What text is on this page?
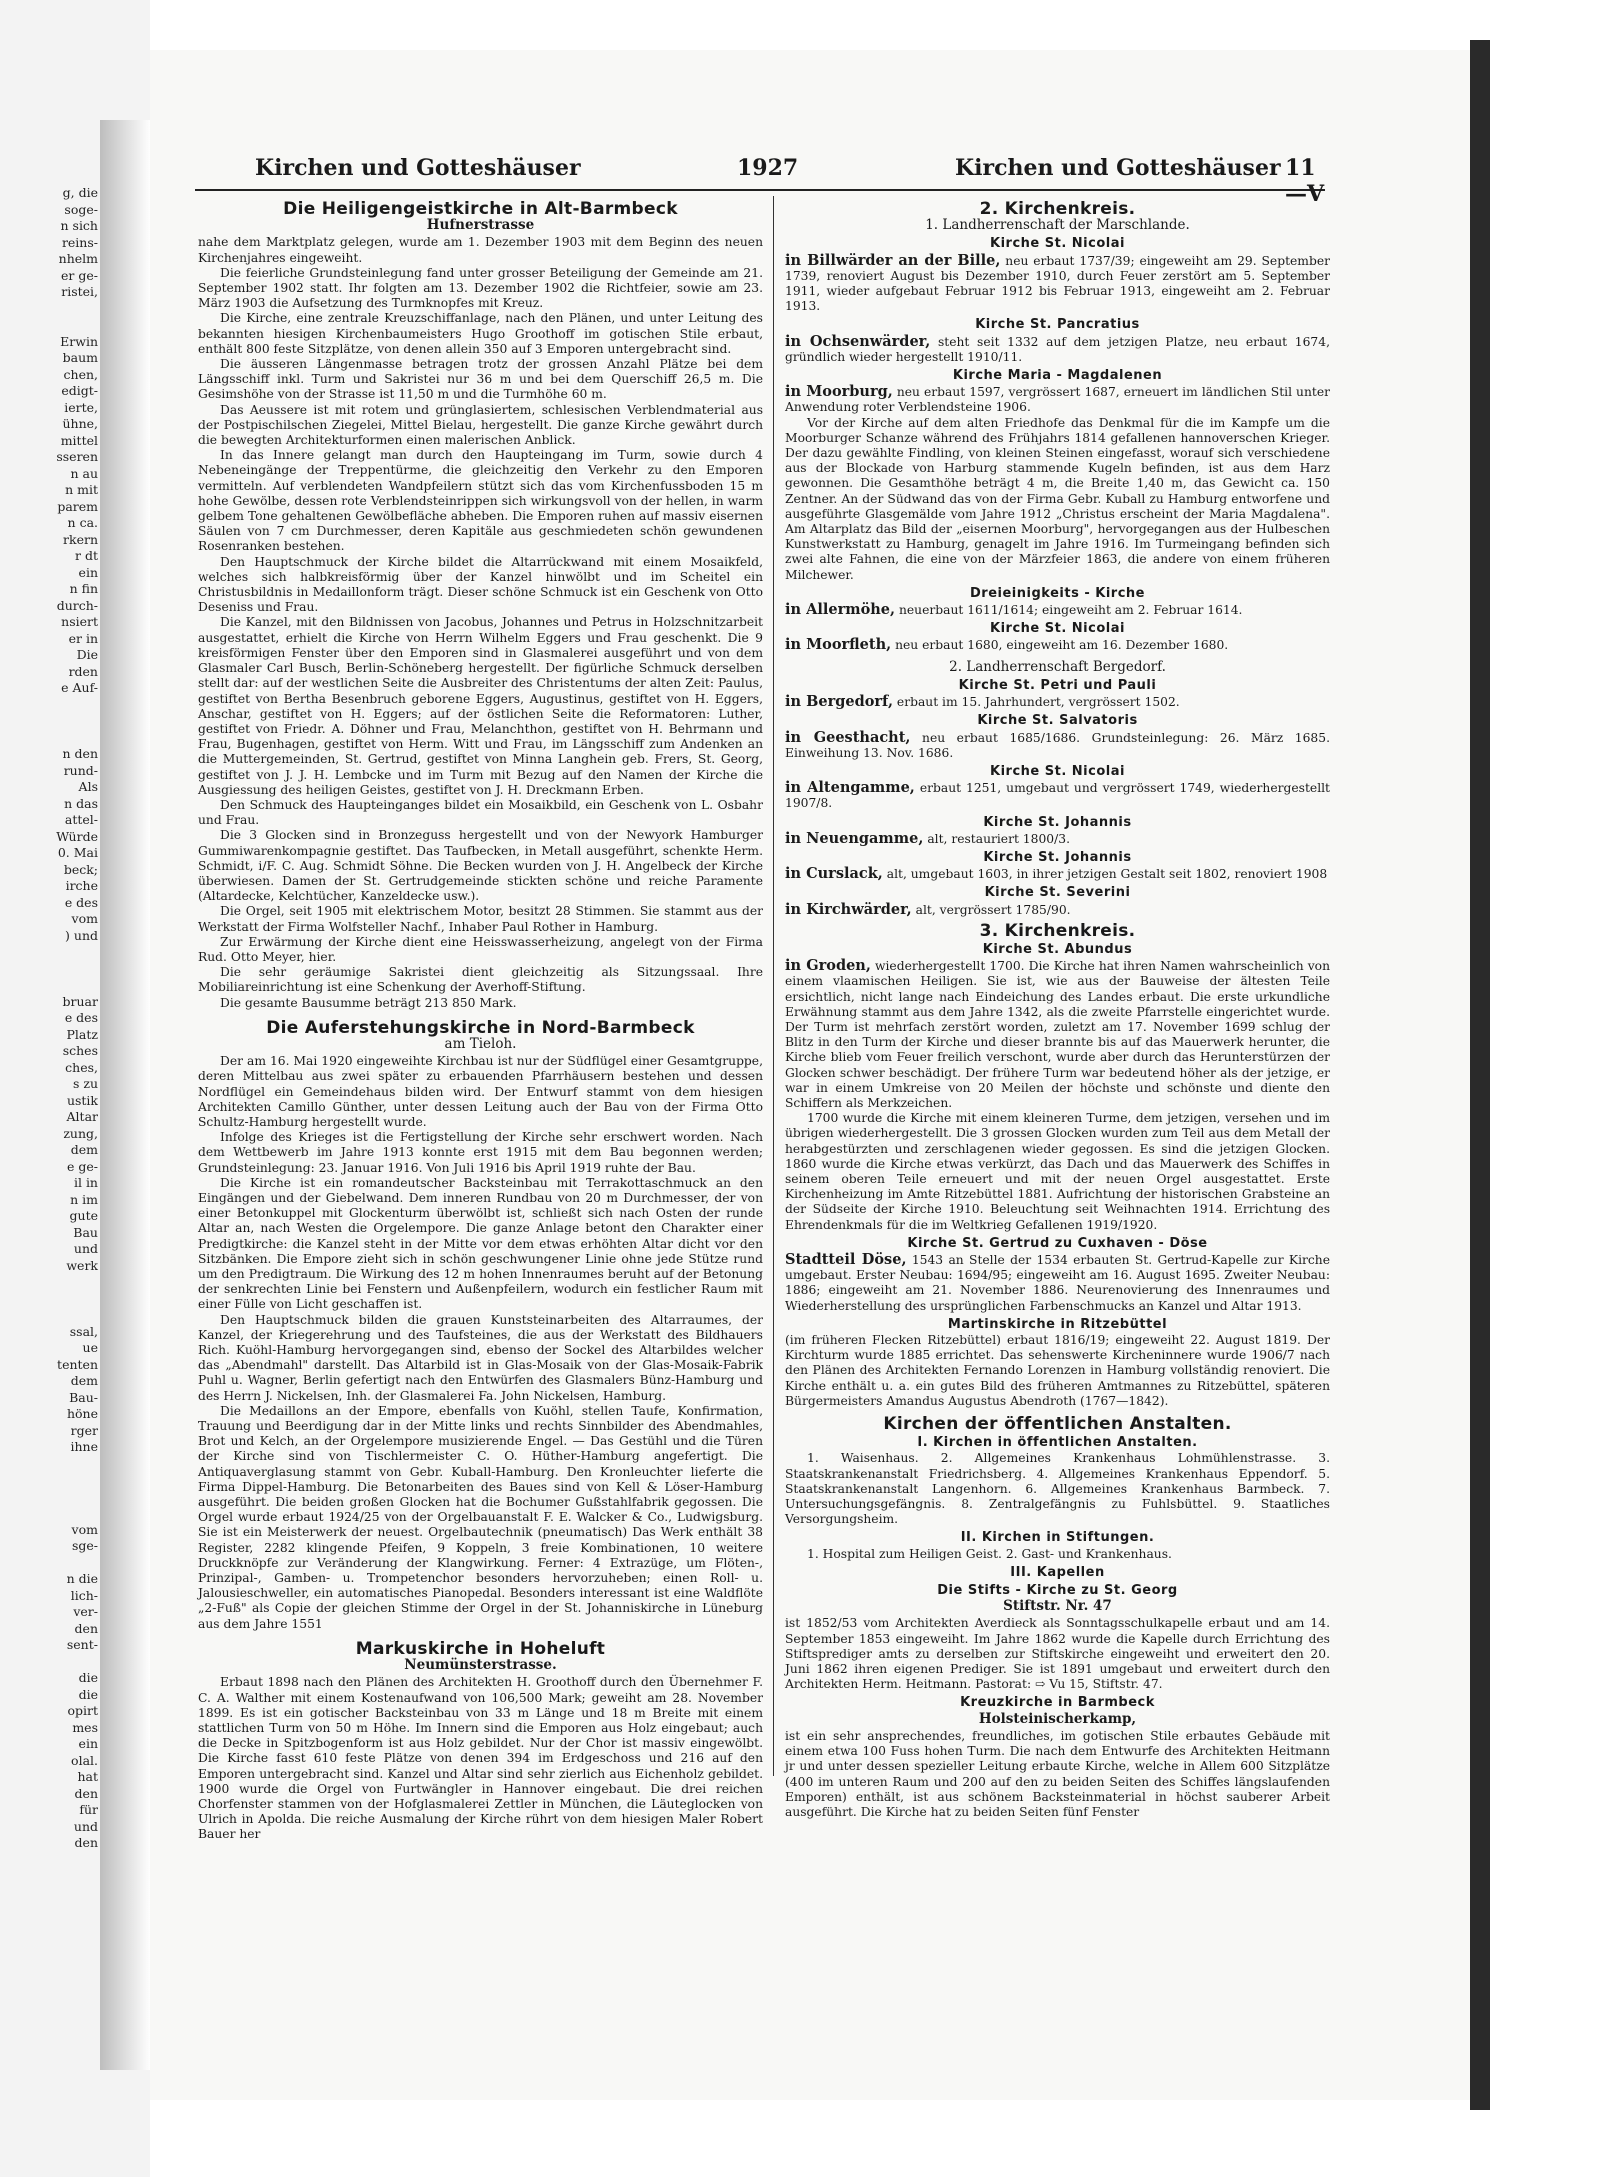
g, die
soge-
n sich
reins-
nhelm
er ge-
ristei,

Erwin
baum
chen,
edigt-
ierte,
ühne,
mittel
sseren
n au
n mit
parem
n ca.
rkern
r dt
ein
n fin
durch-
nsiert
er in
Die
rden
e Auf-

n den
rund-
Als
n das
attel-
Würde
0. Mai
beck;
irche
e des
vom
) und

bruar
e des
Platz
sches
ches,
s zu
ustik
Altar
zung,
dem
e ge-
il in
n im
gute
Bau
und
werk

ssal,
ue
tenten
dem
Bau-
höne
rger
ihne

vom
sge-

n die
lich-
ver-
den
sent-

die
die
opirt
mes
ein
olal.
hat
den
für
und
den
Kirchen und Gotteshäuser	1927	Kirchen und Gotteshäuser 11—V
Die Heiligengeistkirche in Alt-Barmbeck
Hufnerstrasse

nahe dem Marktplatz gelegen, wurde am 1. Dezember 1903 mit dem Beginn des neuen Kirchenjahres eingeweiht.

Die feierliche Grundsteinlegung fand unter grosser Beteiligung der Gemeinde am 21. September 1902 statt. Ihr folgten am 13. Dezember 1902 die Richtfeier, sowie am 23. März 1903 die Aufsetzung des Turmknopfes mit Kreuz.

Die Kirche, eine zentrale Kreuzschiffanlage, nach den Plänen, und unter Leitung des bekannten hiesigen Kirchenbaumeisters Hugo Groothoff im gotischen Stile erbaut, enthält 800 feste Sitzplätze, von denen allein 350 auf 3 Emporen untergebracht sind.

Die äusseren Längenmasse betragen trotz der grossen Anzahl Plätze bei dem Längsschiff inkl. Turm und Sakristei nur 36 m und bei dem Querschiff 26,5 m. Die Gesimshöhe von der Strasse ist 11,50 m und die Turmhöhe 60 m.

Das Aeussere ist mit rotem und grünglasiertem, schlesischen Verblendmaterial aus der Postpischilschen Ziegelei, Mittel Bielau, hergestellt. Die ganze Kirche gewährt durch die bewegten Architekturformen einen malerischen Anblick.

In das Innere gelangt man durch den Haupteingang im Turm, sowie durch 4 Nebeneingänge der Treppentürme, die gleichzeitig den Verkehr zu den Emporen vermitteln. Auf verblendeten Wandpfeilern stützt sich das vom Kirchenfussboden 15 m hohe Gewölbe, dessen rote Verblendsteinrippen sich wirkungsvoll von der hellen, in warm gelbem Tone gehaltenen Gewölbefläche abheben. Die Emporen ruhen auf massiv eisernen Säulen von 7 cm Durchmesser, deren Kapitäle aus geschmiedeten schön gewundenen Rosenranken bestehen.

Den Hauptschmuck der Kirche bildet die Altarrückwand mit einem Mosaikfeld, welches sich halbkreisförmig über der Kanzel hinwölbt und im Scheitel ein Christusbildnis in Medaillonform trägt. Dieser schöne Schmuck ist ein Geschenk von Otto Deseniss und Frau.

Die Kanzel, mit den Bildnissen von Jacobus, Johannes und Petrus in Holzschnitzarbeit ausgestattet, erhielt die Kirche von Herrn Wilhelm Eggers und Frau geschenkt. Die 9 kreisförmigen Fenster über den Emporen sind in Glasmalerei ausgeführt und von dem Glasmaler Carl Busch, Berlin-Schöneberg hergestellt. Der figürliche Schmuck derselben stellt dar: auf der westlichen Seite die Ausbreiter des Christentums der alten Zeit: Paulus, gestiftet von Bertha Besenbruch geborene Eggers, Augustinus, gestiftet von H. Eggers, Anschar, gestiftet von H. Eggers; auf der östlichen Seite die Reformatoren: Luther, gestiftet von Friedr. A. Döhner und Frau, Melanchthon, gestiftet von H. Behrmann und Frau, Bugenhagen, gestiftet von Herm. Witt und Frau, im Längsschiff zum Andenken an die Muttergemeinden, St. Gertrud, gestiftet von Minna Langhein geb. Frers, St. Georg, gestiftet von J. J. H. Lembcke und im Turm mit Bezug auf den Namen der Kirche die Ausgiessung des heiligen Geistes, gestiftet von J. H. Dreckmann Erben.

Den Schmuck des Haupteinganges bildet ein Mosaikbild, ein Geschenk von L. Osbahr und Frau.

Die 3 Glocken sind in Bronzeguss hergestellt und von der Newyork Hamburger Gummiwarenkompagnie gestiftet. Das Taufbecken, in Metall ausgeführt, schenkte Herm. Schmidt, i/F. C. Aug. Schmidt Söhne. Die Becken wurden von J. H. Angelbeck der Kirche überwiesen. Damen der St. Gertrudgemeinde stickten schöne und reiche Paramente (Altardecke, Kelchtücher, Kanzeldecke usw.).

Die Orgel, seit 1905 mit elektrischem Motor, besitzt 28 Stimmen. Sie stammt aus der Werkstatt der Firma Wolfsteller Nachf., Inhaber Paul Rother in Hamburg.

Zur Erwärmung der Kirche dient eine Heisswasserheizung, angelegt von der Firma Rud. Otto Meyer, hier.

Die sehr geräumige Sakristei dient gleichzeitig als Sitzungssaal. Ihre Mobiliareinrichtung ist eine Schenkung der Averhoff-Stiftung.

Die gesamte Bausumme beträgt 213 850 Mark.

Die Auferstehungskirche in Nord-Barmbeck
am Tieloh.

Der am 16. Mai 1920 eingeweihte Kirchbau ist nur der Südflügel einer Gesamtgruppe, deren Mittelbau aus zwei später zu erbauenden Pfarrhäusern bestehen und dessen Nordflügel ein Gemeindehaus bilden wird. Der Entwurf stammt von dem hiesigen Architekten Camillo Günther, unter dessen Leitung auch der Bau von der Firma Otto Schultz-Hamburg hergestellt wurde.

Infolge des Krieges ist die Fertigstellung der Kirche sehr erschwert worden. Nach dem Wettbewerb im Jahre 1913 konnte erst 1915 mit dem Bau begonnen werden; Grundsteinlegung: 23. Januar 1916. Von Juli 1916 bis April 1919 ruhte der Bau.

Die Kirche ist ein romandeutscher Backsteinbau mit Terrakottaschmuck an den Eingängen und der Giebelwand. Dem inneren Rundbau von 20 m Durchmesser, der von einer Betonkuppel mit Glockenturm überwölbt ist, schließt sich nach Osten der runde Altar an, nach Westen die Orgelempore. Die ganze Anlage betont den Charakter einer Predigtkirche: die Kanzel steht in der Mitte vor dem etwas erhöhten Altar dicht vor den Sitzbänken. Die Empore zieht sich in schön geschwungener Linie ohne jede Stütze rund um den Predigtraum. Die Wirkung des 12 m hohen Innenraumes beruht auf der Betonung der senkrechten Linie bei Fenstern und Außenpfeilern, wodurch ein festlicher Raum mit einer Fülle von Licht geschaffen ist.

Den Hauptschmuck bilden die grauen Kunststeinarbeiten des Altarraumes, der Kanzel, der Kriegerehrung und des Taufsteines, die aus der Werkstatt des Bildhauers Rich. Kuöhl-Hamburg hervorgegangen sind, ebenso der Sockel des Altarbildes welcher das „Abendmahl" darstellt. Das Altarbild ist in Glas-Mosaik von der Glas-Mosaik-Fabrik Puhl u. Wagner, Berlin gefertigt nach den Entwürfen des Glasmalers Bünz-Hamburg und des Herrn J. Nickelsen, Inh. der Glasmalerei Fa. John Nickelsen, Hamburg.

Die Medaillons an der Empore, ebenfalls von Kuöhl, stellen Taufe, Konfirmation, Trauung und Beerdigung dar in der Mitte links und rechts Sinnbilder des Abendmahles, Brot und Kelch, an der Orgelempore musizierende Engel. — Das Gestühl und die Türen der Kirche sind von Tischlermeister C. O. Hüther-Hamburg angefertigt. Die Antiquaverglasung stammt von Gebr. Kuball-Hamburg. Den Kronleuchter lieferte die Firma Dippel-Hamburg. Die Betonarbeiten des Baues sind von Kell & Löser-Hamburg ausgeführt. Die beiden großen Glocken hat die Bochumer Gußstahlfabrik gegossen. Die Orgel wurde erbaut 1924/25 von der Orgelbauanstalt F. E. Walcker & Co., Ludwigsburg. Sie ist ein Meisterwerk der neuest. Orgelbautechnik (pneumatisch) Das Werk enthält 38 Register, 2282 klingende Pfeifen, 9 Koppeln, 3 freie Kombinationen, 10 weitere Druckknöpfe zur Veränderung der Klangwirkung. Ferner: 4 Extrazüge, um Flöten-, Prinzipal-, Gamben- u. Trompetenchor besonders hervorzuheben; einen Roll- u. Jalousieschweller, ein automatisches Pianopedal. Besonders interessant ist eine Waldflöte „2-Fuß" als Copie der gleichen Stimme der Orgel in der St. Johanniskirche in Lüneburg aus dem Jahre 1551

Markuskirche in Hoheluft
Neumünsterstrasse.

Erbaut 1898 nach den Plänen des Architekten H. Groothoff durch den Übernehmer F. C. A. Walther mit einem Kostenaufwand von 106,500 Mark; geweiht am 28. November 1899. Es ist ein gotischer Backsteinbau von 33 m Länge und 18 m Breite mit einem stattlichen Turm von 50 m Höhe. Im Innern sind die Emporen aus Holz eingebaut; auch die Decke in Spitzbogenform ist aus Holz gebildet. Nur der Chor ist massiv eingewölbt. Die Kirche fasst 610 feste Plätze von denen 394 im Erdgeschoss und 216 auf den Emporen untergebracht sind. Kanzel und Altar sind sehr zierlich aus Eichenholz gebildet. 1900 wurde die Orgel von Furtwängler in Hannover eingebaut. Die drei reichen Chorfenster stammen von der Hofglasmalerei Zettler in München, die Läuteglocken von Ulrich in Apolda. Die reiche Ausmalung der Kirche rührt von dem hiesigen Maler Robert Bauer her

2. Kirchenkreis.
1. Landherrenschaft der Marschlande.
Kirche St. Nicolai

in Billwärder an der Bille, neu erbaut 1737/39; eingeweiht am 29. September 1739, renoviert August bis Dezember 1910, durch Feuer zerstört am 5. September 1911, wieder aufgebaut Februar 1912 bis Februar 1913, eingeweiht am 2. Februar 1913.

Kirche St. Pancratius

in Ochsenwärder, steht seit 1332 auf dem jetzigen Platze, neu erbaut 1674, gründlich wieder hergestellt 1910/11.

Kirche Maria - Magdalenen

in Moorburg, neu erbaut 1597, vergrössert 1687, erneuert im ländlichen Stil unter Anwendung roter Verblendsteine 1906.

Vor der Kirche auf dem alten Friedhofe das Denkmal für die im Kampfe um die Moorburger Schanze während des Frühjahrs 1814 gefallenen hannoverschen Krieger. Der dazu gewählte Findling, von kleinen Steinen eingefasst, worauf sich verschiedene aus der Blockade von Harburg stammende Kugeln befinden, ist aus dem Harz gewonnen. Die Gesamthöhe beträgt 4 m, die Breite 1,40 m, das Gewicht ca. 150 Zentner. An der Südwand das von der Firma Gebr. Kuball zu Hamburg entworfene und ausgeführte Glasgemälde vom Jahre 1912 „Christus erscheint der Maria Magdalena". Am Altarplatz das Bild der „eisernen Moorburg", hervorgegangen aus der Hulbeschen Kunstwerkstatt zu Hamburg, genagelt im Jahre 1916. Im Turmeingang befinden sich zwei alte Fahnen, die eine von der Märzfeier 1863, die andere von einem früheren Milchewer.

Dreieinigkeits - Kirche

in Allermöhe, neuerbaut 1611/1614; eingeweiht am 2. Februar 1614.

Kirche St. Nicolai

in Moorfleth, neu erbaut 1680, eingeweiht am 16. Dezember 1680.

2. Landherrenschaft Bergedorf.
Kirche St. Petri und Pauli

in Bergedorf, erbaut im 15. Jahrhundert, vergrössert 1502.

Kirche St. Salvatoris

in Geesthacht, neu erbaut 1685/1686. Grundsteinlegung: 26. März 1685. Einweihung 13. Nov. 1686.

Kirche St. Nicolai

in Altengamme, erbaut 1251, umgebaut und vergrössert 1749, wiederhergestellt 1907/8.

Kirche St. Johannis

in Neuengamme, alt, restauriert 1800/3.

Kirche St. Johannis

in Curslack, alt, umgebaut 1603, in ihrer jetzigen Gestalt seit 1802, renoviert 1908

Kirche St. Severini

in Kirchwärder, alt, vergrössert 1785/90.

3. Kirchenkreis.
Kirche St. Abundus

in Groden, wiederhergestellt 1700. Die Kirche hat ihren Namen wahrscheinlich von einem vlaamischen Heiligen. Sie ist, wie aus der Bauweise der ältesten Teile ersichtlich, nicht lange nach Eindeichung des Landes erbaut. Die erste urkundliche Erwähnung stammt aus dem Jahre 1342, als die zweite Pfarrstelle eingerichtet wurde. Der Turm ist mehrfach zerstört worden, zuletzt am 17. November 1699 schlug der Blitz in den Turm der Kirche und dieser brannte bis auf das Mauerwerk herunter, die Kirche blieb vom Feuer freilich verschont, wurde aber durch das Herunterstürzen der Glocken schwer beschädigt. Der frühere Turm war bedeutend höher als der jetzige, er war in einem Umkreise von 20 Meilen der höchste und schönste und diente den Schiffern als Merkzeichen.

1700 wurde die Kirche mit einem kleineren Turme, dem jetzigen, versehen und im übrigen wiederhergestellt. Die 3 grossen Glocken wurden zum Teil aus dem Metall der herabgestürzten und zerschlagenen wieder gegossen. Es sind die jetzigen Glocken. 1860 wurde die Kirche etwas verkürzt, das Dach und das Mauerwerk des Schiffes in seinem oberen Teile erneuert und mit der neuen Orgel ausgestattet. Erste Kirchenheizung im Amte Ritzebüttel 1881. Aufrichtung der historischen Grabsteine an der Südseite der Kirche 1910. Beleuchtung seit Weihnachten 1914. Errichtung des Ehrendenkmals für die im Weltkrieg Gefallenen 1919/1920.

Kirche St. Gertrud zu Cuxhaven - Döse

Stadtteil Döse, 1543 an Stelle der 1534 erbauten St. Gertrud-Kapelle zur Kirche umgebaut. Erster Neubau: 1694/95; eingeweiht am 16. August 1695. Zweiter Neubau: 1886; eingeweiht am 21. November 1886. Neurenovierung des Innenraumes und Wiederherstellung des ursprünglichen Farbenschmucks an Kanzel und Altar 1913.

Martinskirche in Ritzebüttel

(im früheren Flecken Ritzebüttel) erbaut 1816/19; eingeweiht 22. August 1819. Der Kirchturm wurde 1885 errichtet. Das sehenswerte Kircheninnere wurde 1906/7 nach den Plänen des Architekten Fernando Lorenzen in Hamburg vollständig renoviert. Die Kirche enthält u. a. ein gutes Bild des früheren Amtmannes zu Ritzebüttel, späteren Bürgermeisters Amandus Augustus Abendroth (1767—1842).

Kirchen der öffentlichen Anstalten.
I. Kirchen in öffentlichen Anstalten.

1. Waisenhaus. 2. Allgemeines Krankenhaus Lohmühlenstrasse. 3. Staatskrankenanstalt Friedrichsberg. 4. Allgemeines Krankenhaus Eppendorf. 5. Staatskrankenanstalt Langenhorn. 6. Allgemeines Krankenhaus Barmbeck. 7. Untersuchungsgefängnis. 8. Zentralgefängnis zu Fuhlsbüttel. 9. Staatliches Versorgungsheim.

II. Kirchen in Stiftungen.

1. Hospital zum Heiligen Geist. 2. Gast- und Krankenhaus.

III. Kapellen
Die Stifts - Kirche zu St. Georg
Stiftstr. Nr. 47

ist 1852/53 vom Architekten Averdieck als Sonntagsschulkapelle erbaut und am 14. September 1853 eingeweiht. Im Jahre 1862 wurde die Kapelle durch Errichtung des Stiftsprediger amts zu derselben zur Stiftskirche eingeweiht und erweitert den 20. Juni 1862 ihren eigenen Prediger. Sie ist 1891 umgebaut und erweitert durch den Architekten Herm. Heitmann. Pastorat: ⇨ Vu 15, Stiftstr. 47.

Kreuzkirche in Barmbeck
Holsteinischerkamp,

ist ein sehr ansprechendes, freundliches, im gotischen Stile erbautes Gebäude mit einem etwa 100 Fuss hohen Turm. Die nach dem Entwurfe des Architekten Heitmann jr und unter dessen spezieller Leitung erbaute Kirche, welche in Allem 600 Sitzplätze (400 im unteren Raum und 200 auf den zu beiden Seiten des Schiffes längslaufenden Emporen) enthält, ist aus schönem Backsteinmaterial in höchst sauberer Arbeit ausgeführt. Die Kirche hat zu beiden Seiten fünf Fenster
